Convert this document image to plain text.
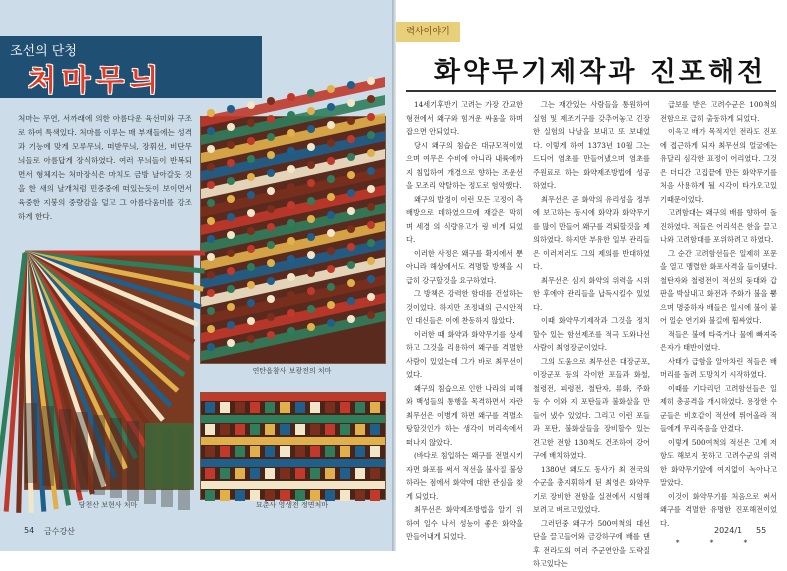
조선의 단청
처마무늬

처마는 무연, 서까래에 의한 아름다운 육선미와 구조로 하여 특색있다. 처마를 이루는 매 부재들에는 성격과 기능에 맞게 모루무늬, 떠받무늬, 장휘선, 비단무늬들로 아름답게 장식하였다. 여러 무늬들이 반복되면서 형체지는 처마장식은 마치도 금방 날아갈듯 것을 한 새의 날개처럼 민중중에 떠있는듯이 보이면서 육중한 지붕의 중량감을 덜고 그 아름다움미를 강조하게 한다.

연탄읍참사 보광전의 처마
담천산 보현사 처마	묘춘사 영생전 정면처마
54 금수강산
력사이야기
화약무기제작과 진포해전

14세기후반기 고려는 가장 간교한 형전에서 왜구와 힘겨운 싸움을 하며 잡으면 안되었다.

당시 왜구의 침습은 대규모적이였으며 여무은 수비에 아니라 내륙에까지 침입하여 개경으로 향하는 조운선을 모조리 약탈하는 정도로 험악했다.

왜구의 발정이 이런 모든 고정이 측배방으로 데하였으므에 재갈은 막히며 세경 의 식량유고가 링 비게 되었다.

이러한 사정은 왜구를 확지에서 뿐 아니라 해상에서도 격명할 방책을 시급히 강구할것을 요구하였다.

그 방책은 강력한 함대를 건설하는것이었다. 하지만 조정내의 근시안적인 대신들은 이에 찬동하지 않았다.

이러한 때 화약과 화약무기를 상세하고 그것을 리용하여 왜구를 격멸한 사람이 있었는데 그가 바로 최무선이었다.

왜구의 침습으로 인한 나라의 피해와 백성들의 통행을 목격하면서 자란 최무선은 이병게 하면 왜구를 격멸소탕할것인가 하는 생각이 머리속에서 떠나지 않았다.

(바다로 침입하는 왜구를 전멸시키자면 화포를 써서 적선을 불사질 불상하라는 점에서 화약에 대한 관심을 찾게 되었다.

최무선은 화약제조방법을 알기 위하여 일수 나서 성능이 좋은 화약을 만들어내게 되었다.

그는 재간있는 사람들을 통원하여 실험 및 제조기구를 갖추어놓고 긴장한 실험의 나날을 보내고 또 보내었다. 이렇게 하여 1373년 10월 그는 드디어 염초를 만들어냈으며 염초를 주원료로 하는 화약제조방법에 성공하였다.

최무선은 곧 화약의 유리성을 정부에 보고하는 동시에 화약과 화약무기를 많이 만들어 왜구를 격퇴할것을 제의하였다. 하지만 부유한 일부 관리들은 이러저러도 그의 제의를 반대하였다.

최무선은 심지 화약의 위력을 시위한 후에야 관리들을 납득시킬수 있었다.

이때 화약무기제작과 그것을 정치할수 있는 함선제조를 적극 도와나선 사람이 최영장군이었다.

그의 도움으로 최무선은 대장군포, 이장군포 등의 각이한 포들과 화철, 철령전, 피령전, 철탄자, 류화, 주화 등 수 이와 지 포탄들과 불화살을 만들어 냈수 있었다. 그리고 이런 포들과 포탄, 불화살들을 장비할수 있는 견고한 전함 130척도 건조하여 강어구에 배치하였다.

1380년 왜도도 동사가 최 전국의 수군을 총지휘하게 된 최영은 화약무기로 장비한 전함을 실전에서 시험해보려고 벼르고있었다.

그러던중 왜구가 500여척의 대선단을 끌고들어와 금강하구에 배를 댄 후 전라도의 여러 주군연안을 도략질하고있다는

급보를 받은 고려수군은 100척의 전함으로 급히 출동하게 되었다.

이윽고 배가 목적지인 전라도 진포에 접근하게 되자 최무선의 얼굴에는 유달리 심각한 표정이 어리였다. 그것은 더디간 고집끝에 만든 화약무기를 처음 사용하게 될 시각이 타가오고있기때문이었다.

고려함대는 왜구의 배를 향하여 돌진하였다. 적들은 어리석은 한을 끌고나와 고려함대를 포위하려고 하였다.

그 순간 고려함선들은 일제히 포문을 열고 맹렬한 화포사격을 들이댔다. 철탄자와 철령전이 적선의 돛대와 갑판을 박살내고 화전과 주화가 불을 뿜으며 명중하자 배들은 일시에 불이 붙어 일순 연기와 불길에 휩싸였다.

적들은 불에 타죽거나 물에 빠져죽은자가 태반이였다.

사태가 급함을 알아차린 적들은 배머리를 돌려 도망치기 시작하였다.

이때를 기다리던 고려함선들은 일제히 총공격을 개시하였다. 용장한 수군들은 비호같이 적선에 뛰어올라 적들에게 무리죽음을 안겼다.

이렇게 500여척의 적선은 고계 저항도 해보지 못하고 고려수군의 위력한 화약무기앞에 여지없이 녹아나고말았다.

이것이 화약무기를 처음으로 써서 왜구를 격멸한 유명한 진포해전이었다.

* * *
2024/1 55
